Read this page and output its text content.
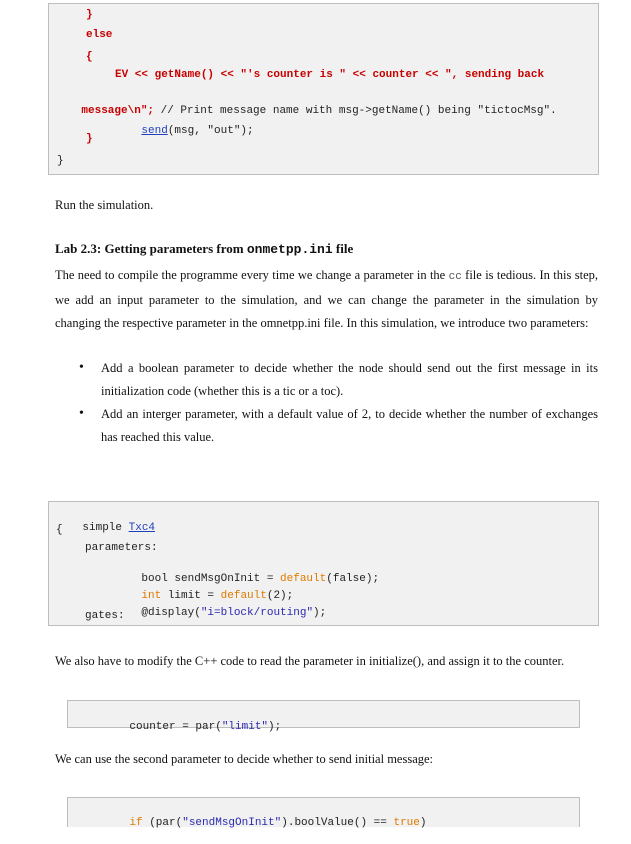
}
else
{
EV << getName() << "'s counter is " << counter << ", sending back

message\n"; // Print message name with msg->getName() being "tictocMsg".

send(msg, "out");

}
}
Run the simulation.
Lab 2.3: Getting parameters from onmetpp.ini file
The need to compile the programme every time we change a parameter in the cc file is tedious. In this step, we add an input parameter to the simulation, and we can change the parameter in the simulation by changing the respective parameter in the omnetpp.ini file. In this simulation, we introduce two parameters:
• Add a boolean parameter to decide whether the node should send out the first message in its initialization code (whether this is a tic or a toc).
• Add an interger parameter, with a default value of 2, to decide whether the number of exchanges has reached this value.

simple Txc4

{
parameters:

bool sendMsgOnInit = default(false);

int limit = default(2);

@display("i=block/routing");

gates:
We also have to modify the C++ code to read the parameter in initialize(), and assign it to the counter.

counter = par("limit");

We can use the second parameter to decide whether to send initial message:

if (par("sendMsgOnInit").boolValue() == true)
